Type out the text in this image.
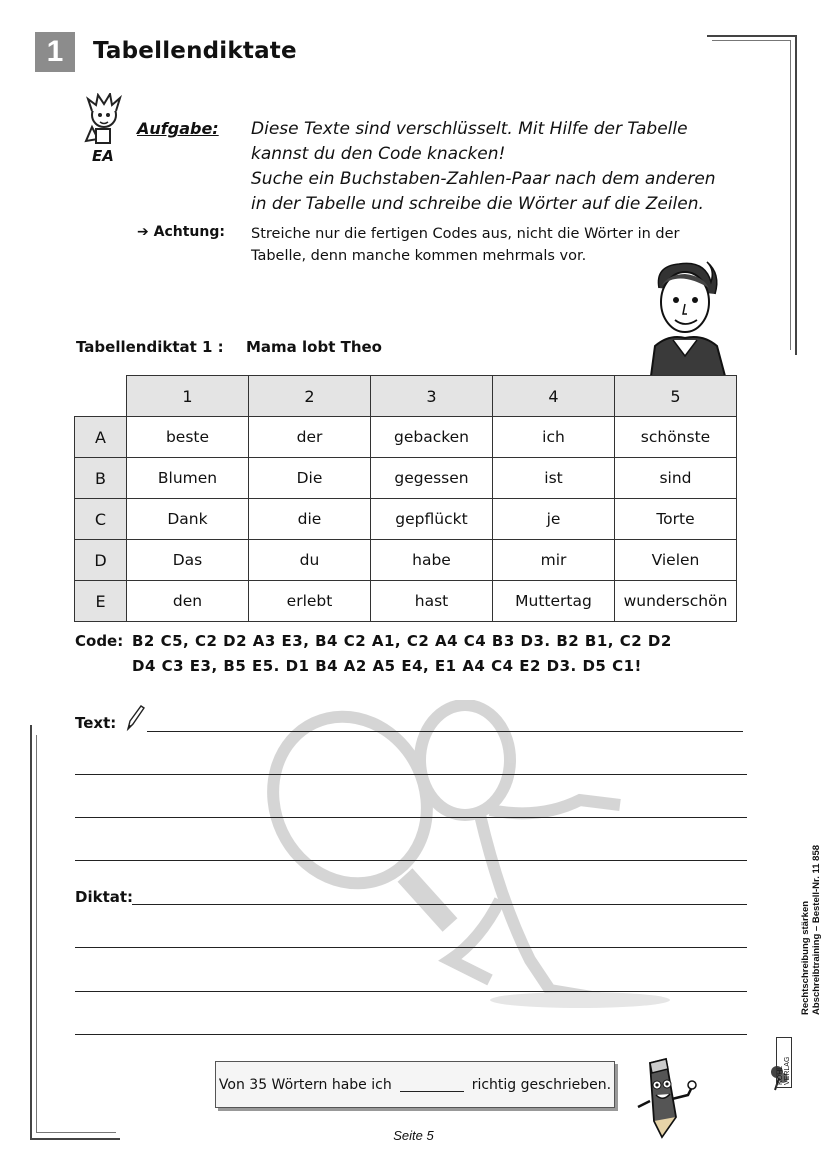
1	Tabellendiktate
EA
Aufgabe: Diese Texte sind verschlüsselt. Mit Hilfe der Tabelle
kannst du den Code knacken!
Suche ein Buchstaben-Zahlen-Paar nach dem anderen
in der Tabelle und schreibe die Wörter auf die Zeilen.
➔ Achtung: Streiche nur die fertigen Codes aus, nicht die Wörter in der
Tabelle, denn manche kommen mehrmals vor.
Tabellendiktat 1 : Mama lobt Theo
	1	2	3	4	5
A	beste	der	gebacken	ich	schönste
B	Blumen	Die	gegessen	ist	sind
C	Dank	die	gepflückt	je	Torte
D	Das	du	habe	mir	Vielen
E	den	erlebt	hast	Muttertag	wunderschön
Code: B2 C5, C2 D2 A3 E3, B4 C2 A1, C2 A4 C4 B3 D3. B2 B1, C2 D2
D4 C3 E3, B5 E5. D1 B4 A2 A5 E4, E1 A4 C4 E2 D3. D5 C1!
Text:
Diktat:
Von 35 Wörtern habe ich	richtig geschrieben.
Seite 5
Rechtschreibung stärken Abschreibtraining – Bestell-Nr. 11 858
KOHL VERLAG
